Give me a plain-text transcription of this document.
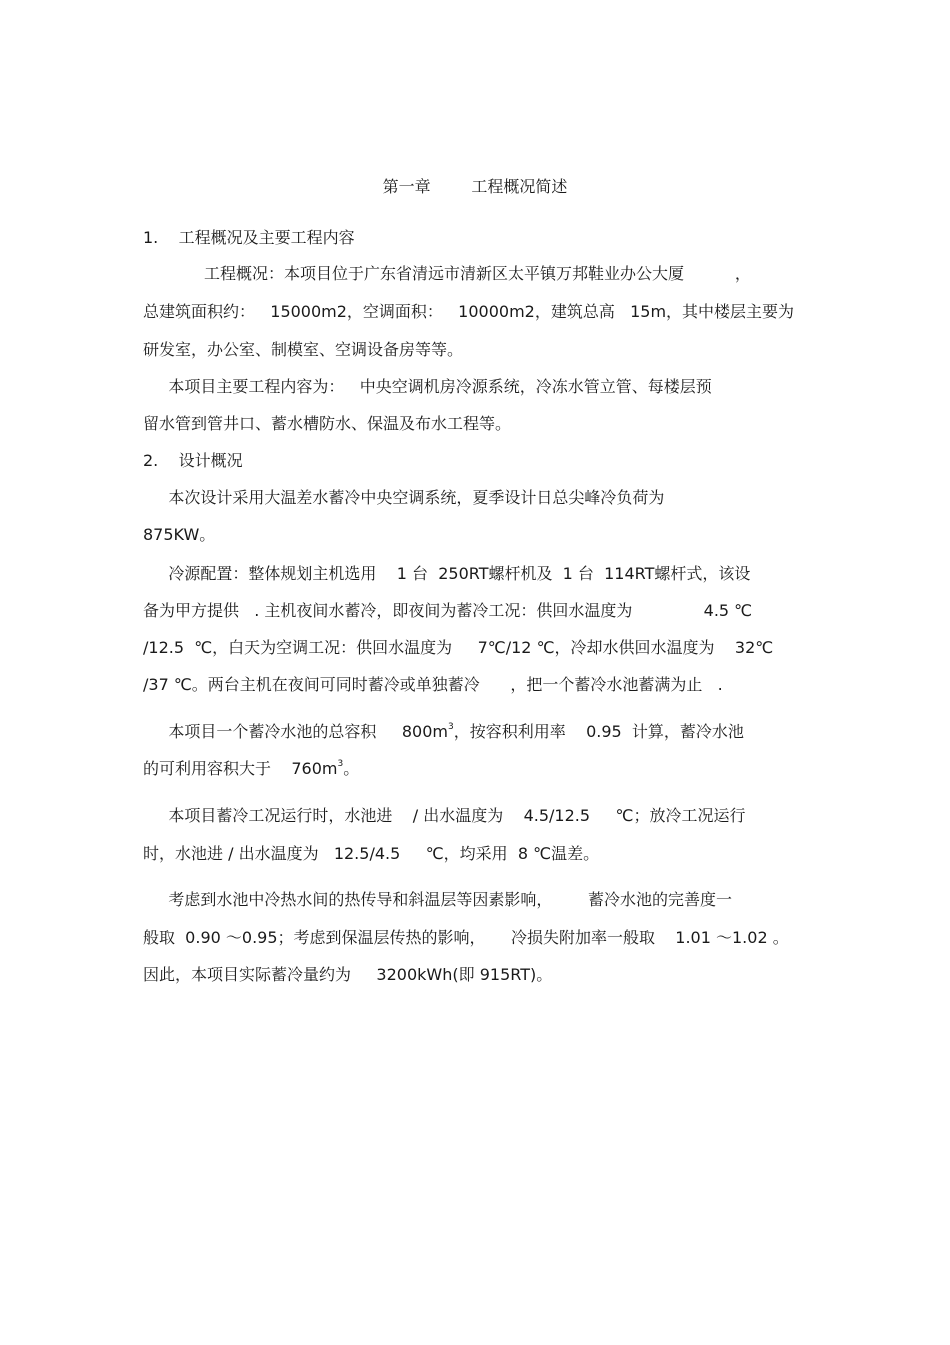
第一章        工程概况简述
1.    工程概况及主要工程内容
工程概况：本项目位于广东省清远市清新区太平镇万邦鞋业办公大厦          ，
总建筑面积约：   15000m2，空调面积：   10000m2，建筑总高   15m，其中楼层主要为
研发室，办公室、制模室、空调设备房等等。
本项目主要工程内容为：   中央空调机房冷源系统，冷冻水管立管、每楼层预
留水管到管井口、蓄水槽防水、保温及布水工程等。
2.    设计概况
本次设计采用大温差水蓄冷中央空调系统，夏季设计日总尖峰冷负荷为
875KW。
冷源配置：整体规划主机选用    1 台  250RT螺杆机及  1 台  114RT螺杆式，该设
备为甲方提供   . 主机夜间水蓄冷，即夜间为蓄冷工况：供回水温度为              4.5 ℃
/12.5  ℃，白天为空调工况：供回水温度为     7℃/12 ℃，冷却水供回水温度为    32℃
/37 ℃。两台主机在夜间可同时蓄冷或单独蓄冷      ，把一个蓄冷水池蓄满为止   .
本项目一个蓄冷水池的总容积     $800m^3$，按容积利用率    0.95  计算，蓄冷水池
的可利用容积大于    $760m^3$。
本项目蓄冷工况运行时，水池进    / 出水温度为    4.5/12.5     ℃；放冷工况运行
时，水池进 / 出水温度为   12.5/4.5     ℃，均采用  8 ℃温差。
考虑到水池中冷热水间的热传导和斜温层等因素影响，       蓄冷水池的完善度一
般取  0.90 ～0.95；考虑到保温层传热的影响，     冷损失附加率一般取    1.01 ～1.02 。
因此，本项目实际蓄冷量约为     3200kWh(即 915RT)。
